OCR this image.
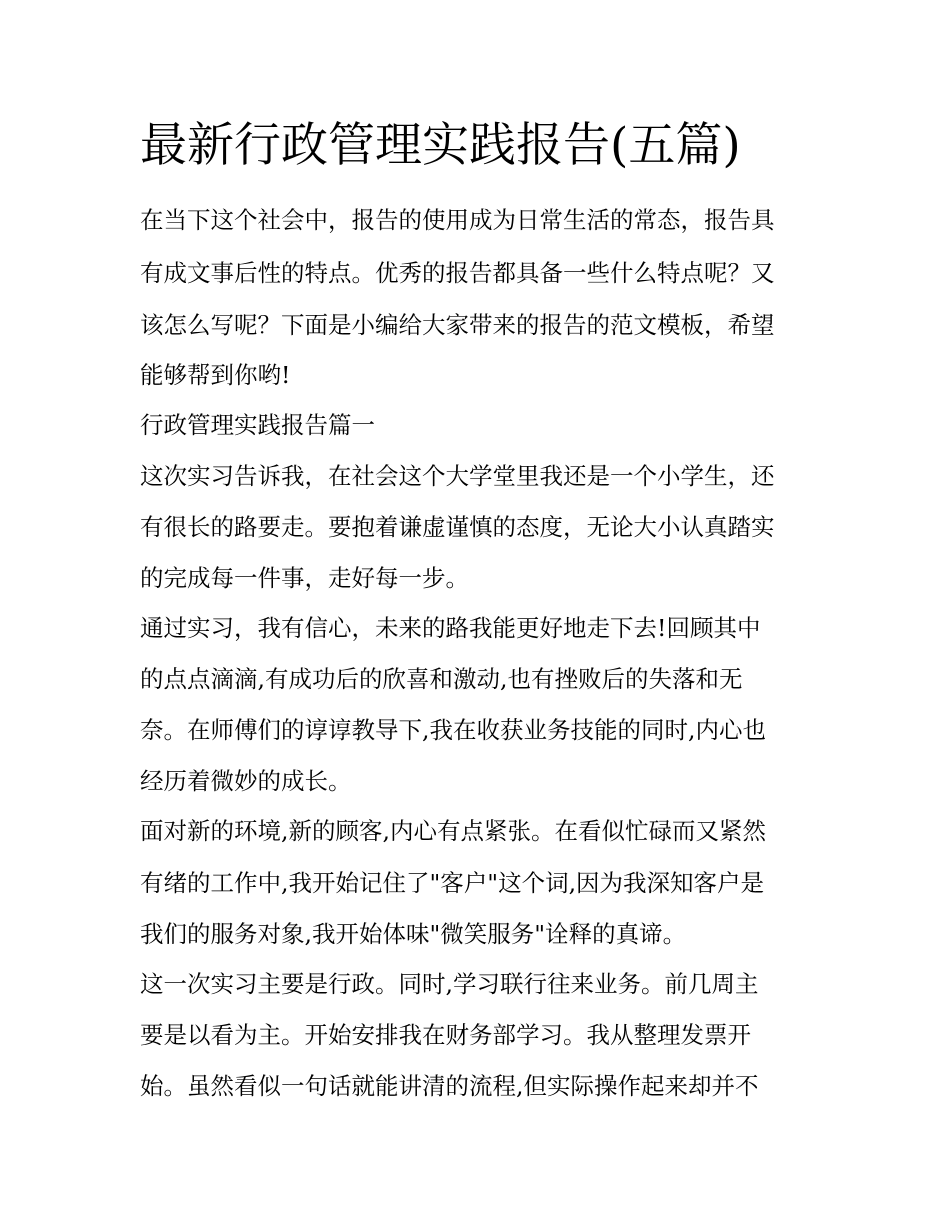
最新行政管理实践报告(五篇)

在当下这个社会中，报告的使用成为日常生活的常态，报告具

有成文事后性的特点。优秀的报告都具备一些什么特点呢？又

该怎么写呢？下面是小编给大家带来的报告的范文模板，希望

能够帮到你哟!

行政管理实践报告篇一

这次实习告诉我，在社会这个大学堂里我还是一个小学生，还

有很长的路要走。要抱着谦虚谨慎的态度，无论大小认真踏实

的完成每一件事，走好每一步。

通过实习，我有信心，未来的路我能更好地走下去!回顾其中

的点点滴滴,有成功后的欣喜和激动,也有挫败后的失落和无

奈。在师傅们的谆谆教导下,我在收获业务技能的同时,内心也

经历着微妙的成长。

面对新的环境,新的顾客,内心有点紧张。在看似忙碌而又紧然

有绪的工作中,我开始记住了"客户"这个词,因为我深知客户是

我们的服务对象,我开始体味"微笑服务"诠释的真谛。

这一次实习主要是行政。同时,学习联行往来业务。前几周主

要是以看为主。开始安排我在财务部学习。我从整理发票开

始。虽然看似一句话就能讲清的流程,但实际操作起来却并不
